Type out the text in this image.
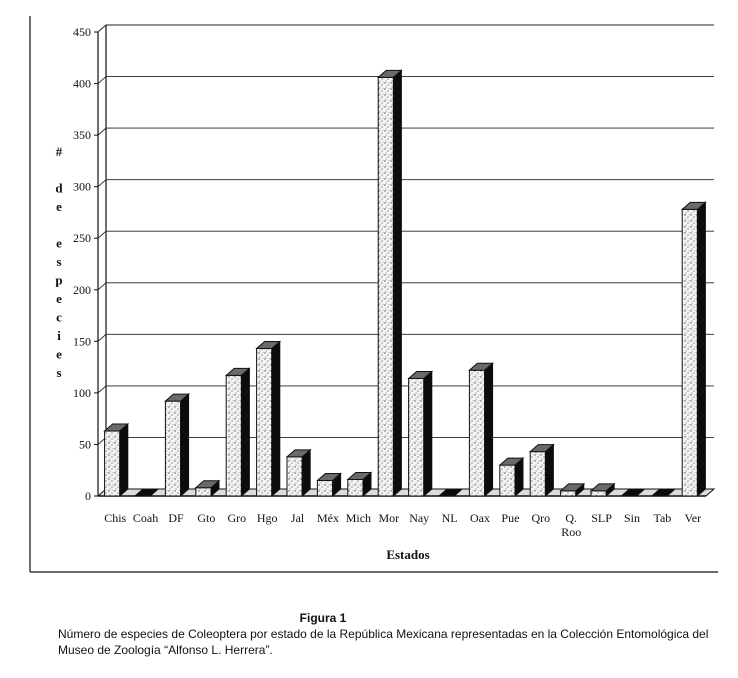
0
50
100
150
200
250
300
350
400
450
Chis Coah DF Gto Gro Hgo Jal Méx Mich Mor Nay NL Oax Pue Qro Q.
Roo
SLP Sin Tab Ver
Estados
#
d
e
e
s
p
e
c
i
e
s
Figura 1

Número de especies de Coleoptera por estado de la República Mexicana representadas en la Colección Entomológica del Museo de Zoología “Alfonso L. Herrera”.
